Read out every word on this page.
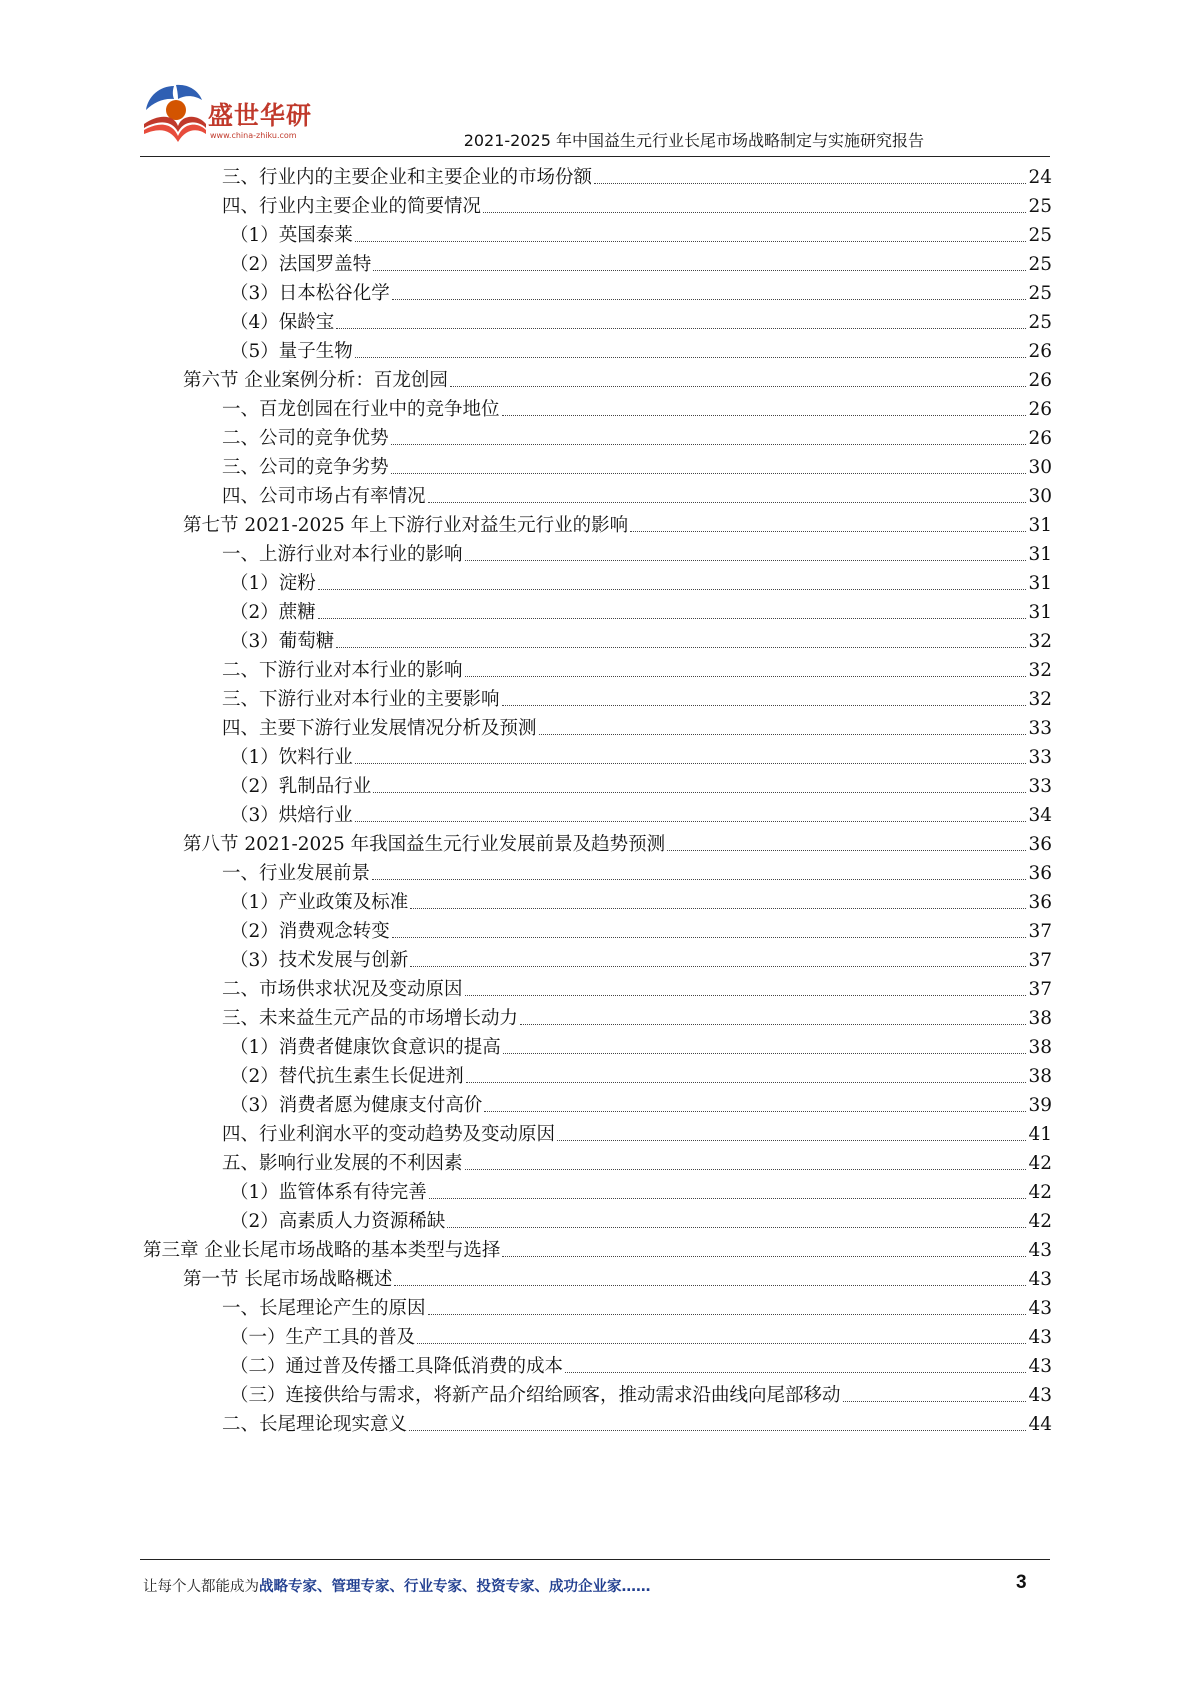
盛世华研
www.china-zhiku.com	2021-2025 年中国益生元行业长尾市场战略制定与实施研究报告
三、行业内的主要企业和主要企业的市场份额	24
四、行业内主要企业的简要情况	25
（1）英国泰莱	25
（2）法国罗盖特	25
（3）日本松谷化学	25
（4）保龄宝	25
（5）量子生物	26
第六节 企业案例分析：百龙创园	26
一、百龙创园在行业中的竞争地位	26
二、公司的竞争优势	26
三、公司的竞争劣势	30
四、公司市场占有率情况	30
第七节 2021-2025 年上下游行业对益生元行业的影响	31
一、上游行业对本行业的影响	31
（1）淀粉	31
（2）蔗糖	31
（3）葡萄糖	32
二、下游行业对本行业的影响	32
三、下游行业对本行业的主要影响	32
四、主要下游行业发展情况分析及预测	33
（1）饮料行业	33
（2）乳制品行业	33
（3）烘焙行业	34
第八节 2021-2025 年我国益生元行业发展前景及趋势预测	36
一、行业发展前景	36
（1）产业政策及标准	36
（2）消费观念转变	37
（3）技术发展与创新	37
二、市场供求状况及变动原因	37
三、未来益生元产品的市场增长动力	38
（1）消费者健康饮食意识的提高	38
（2）替代抗生素生长促进剂	38
（3）消费者愿为健康支付高价	39
四、行业利润水平的变动趋势及变动原因	41
五、影响行业发展的不利因素	42
（1）监管体系有待完善	42
（2）高素质人力资源稀缺	42
第三章 企业长尾市场战略的基本类型与选择	43
第一节 长尾市场战略概述	43
一、长尾理论产生的原因	43
（一）生产工具的普及	43
（二）通过普及传播工具降低消费的成本	43
（三）连接供给与需求，将新产品介绍给顾客，推动需求沿曲线向尾部移动	43
二、长尾理论现实意义	44
让每个人都能成为战略专家、管理专家、行业专家、投资专家、成功企业家……	3
